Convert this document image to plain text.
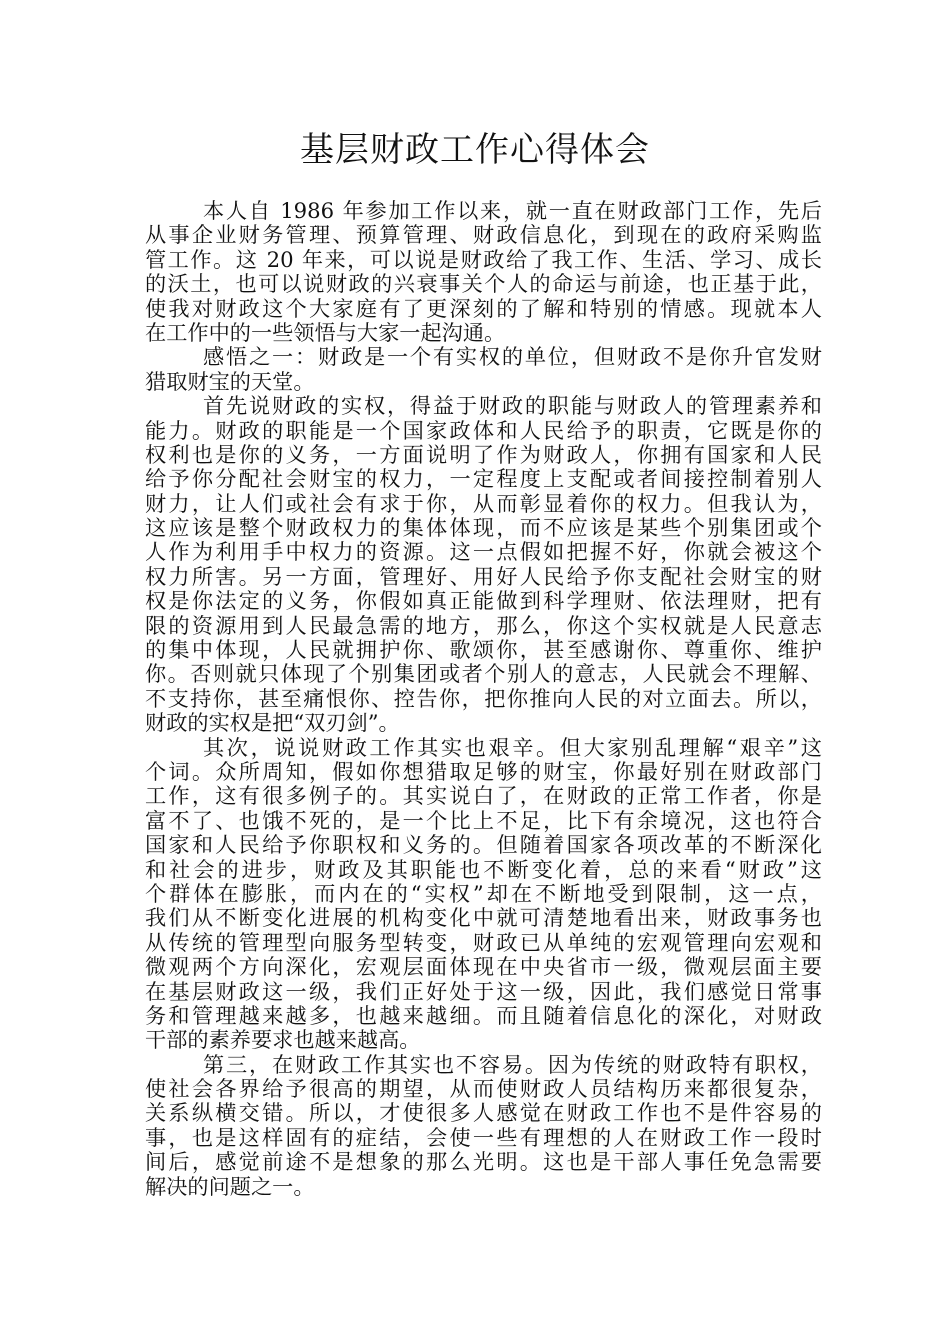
基层财政工作心得体会
本人自 1986 年参加工作以来，就一直在财政部门工作，先后
从事企业财务管理、预算管理、财政信息化，到现在的政府采购监
管工作。这 20 年来，可以说是财政给了我工作、生活、学习、成长
的沃土，也可以说财政的兴衰事关个人的命运与前途，也正基于此，
使我对财政这个大家庭有了更深刻的了解和特别的情感。现就本人
在工作中的一些领悟与大家一起沟通。
感悟之一：财政是一个有实权的单位，但财政不是你升官发财
猎取财宝的天堂。
首先说财政的实权，得益于财政的职能与财政人的管理素养和
能力。财政的职能是一个国家政体和人民给予的职责，它既是你的
权利也是你的义务，一方面说明了作为财政人，你拥有国家和人民
给予你分配社会财宝的权力，一定程度上支配或者间接控制着别人
财力，让人们或社会有求于你，从而彰显着你的权力。但我认为，
这应该是整个财政权力的集体体现，而不应该是某些个别集团或个
人作为利用手中权力的资源。这一点假如把握不好，你就会被这个
权力所害。另一方面，管理好、用好人民给予你支配社会财宝的财
权是你法定的义务，你假如真正能做到科学理财、依法理财，把有
限的资源用到人民最急需的地方，那么，你这个实权就是人民意志
的集中体现，人民就拥护你、歌颂你，甚至感谢你、尊重你、维护
你。否则就只体现了个别集团或者个别人的意志，人民就会不理解、
不支持你，甚至痛恨你、控告你，把你推向人民的对立面去。所以，
财政的实权是把“双刃剑”。
其次，说说财政工作其实也艰辛。但大家别乱理解“艰辛”这
个词。众所周知，假如你想猎取足够的财宝，你最好别在财政部门
工作，这有很多例子的。其实说白了，在财政的正常工作者，你是
富不了、也饿不死的，是一个比上不足，比下有余境况，这也符合
国家和人民给予你职权和义务的。但随着国家各项改革的不断深化
和社会的进步，财政及其职能也不断变化着，总的来看“财政”这
个群体在膨胀，而内在的“实权”却在不断地受到限制，这一点，
我们从不断变化进展的机构变化中就可清楚地看出来，财政事务也
从传统的管理型向服务型转变，财政已从单纯的宏观管理向宏观和
微观两个方向深化，宏观层面体现在中央省市一级，微观层面主要
在基层财政这一级，我们正好处于这一级，因此，我们感觉日常事
务和管理越来越多，也越来越细。而且随着信息化的深化，对财政
干部的素养要求也越来越高。
第三，在财政工作其实也不容易。因为传统的财政特有职权，
使社会各界给予很高的期望，从而使财政人员结构历来都很复杂，
关系纵横交错。所以，才使很多人感觉在财政工作也不是件容易的
事，也是这样固有的症结，会使一些有理想的人在财政工作一段时
间后，感觉前途不是想象的那么光明。这也是干部人事任免急需要
解决的问题之一。
